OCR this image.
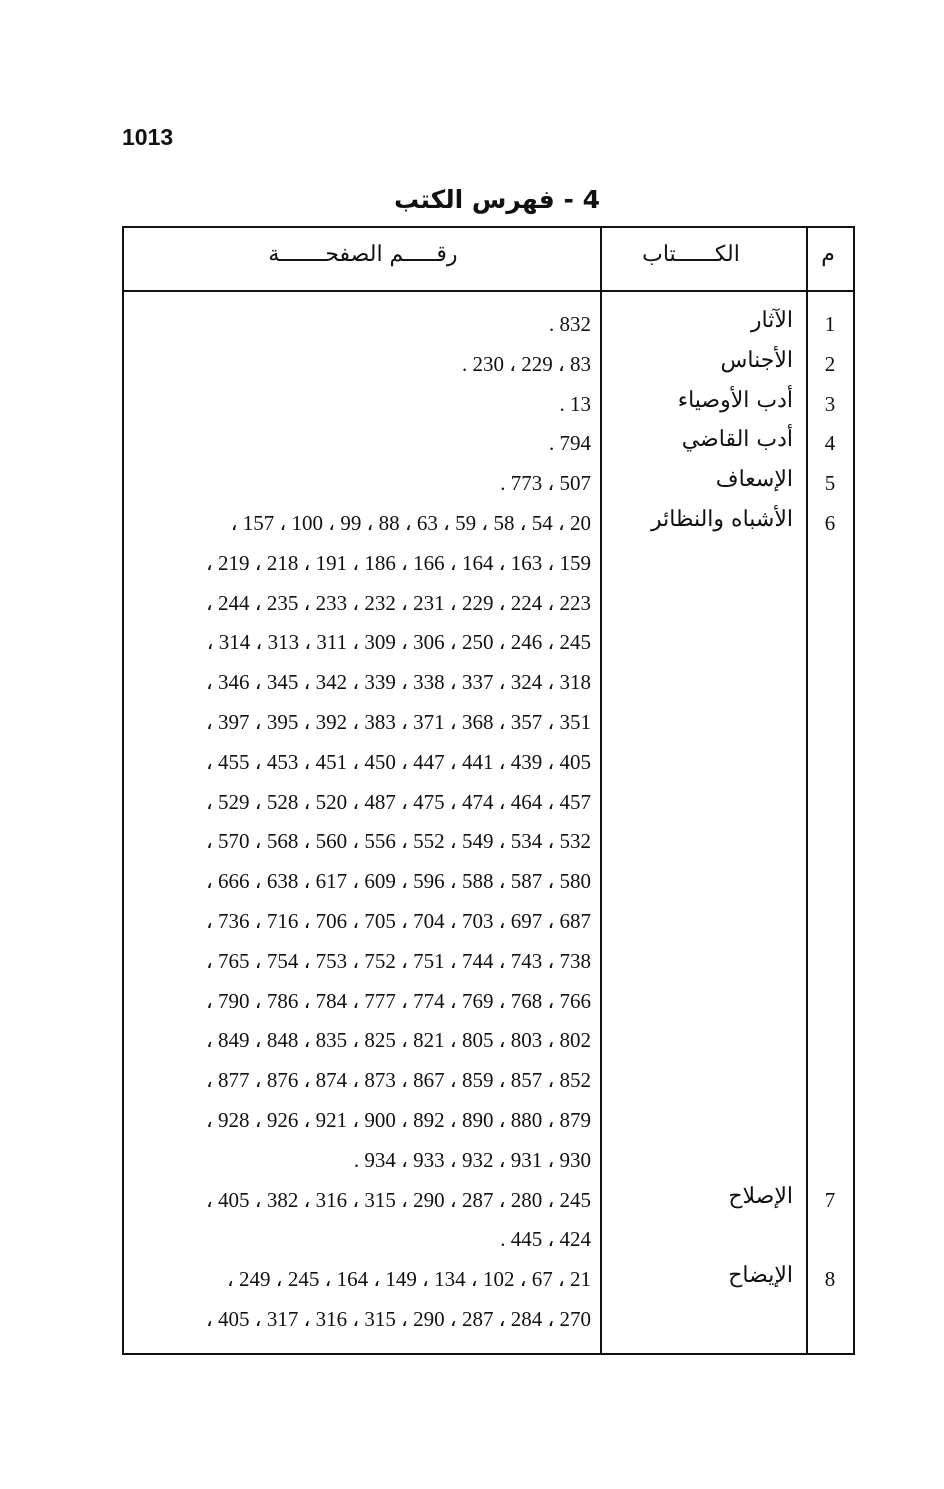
1013
4 - فهرس الكتب
م
الكــــــتاب
رقـــــم الصفحـــــــة
1
الآثار
832 .
2
الأجناس
83 ، 229 ، 230 .
3
أدب الأوصياء
13 .
4
أدب القاضي
794 .
5
الإسعاف
507 ، 773 .
6
الأشباه والنظائر
20 ، 54 ، 58 ، 59 ، 63 ، 88 ، 99 ، 100 ، 157 ،
159 ، 163 ، 164 ، 166 ، 186 ، 191 ، 218 ، 219 ،
223 ، 224 ، 229 ، 231 ، 232 ، 233 ، 235 ، 244 ،
245 ، 246 ، 250 ، 306 ، 309 ، 311 ، 313 ، 314 ،
318 ، 324 ، 337 ، 338 ، 339 ، 342 ، 345 ، 346 ،
351 ، 357 ، 368 ، 371 ، 383 ، 392 ، 395 ، 397 ،
405 ، 439 ، 441 ، 447 ، 450 ، 451 ، 453 ، 455 ،
457 ، 464 ، 474 ، 475 ، 487 ، 520 ، 528 ، 529 ،
532 ، 534 ، 549 ، 552 ، 556 ، 560 ، 568 ، 570 ،
580 ، 587 ، 588 ، 596 ، 609 ، 617 ، 638 ، 666 ،
687 ، 697 ، 703 ، 704 ، 705 ، 706 ، 716 ، 736 ،
738 ، 743 ، 744 ، 751 ، 752 ، 753 ، 754 ، 765 ،
766 ، 768 ، 769 ، 774 ، 777 ، 784 ، 786 ، 790 ،
802 ، 803 ، 805 ، 821 ، 825 ، 835 ، 848 ، 849 ،
852 ، 857 ، 859 ، 867 ، 873 ، 874 ، 876 ، 877 ،
879 ، 880 ، 890 ، 892 ، 900 ، 921 ، 926 ، 928 ،
930 ، 931 ، 932 ، 933 ، 934 .
7
الإصلاح
245 ، 280 ، 287 ، 290 ، 315 ، 316 ، 382 ، 405 ،
424 ، 445 .
8
الإيضاح
21 ، 67 ، 102 ، 134 ، 149 ، 164 ، 245 ، 249 ،
270 ، 284 ، 287 ، 290 ، 315 ، 316 ، 317 ، 405 ،
